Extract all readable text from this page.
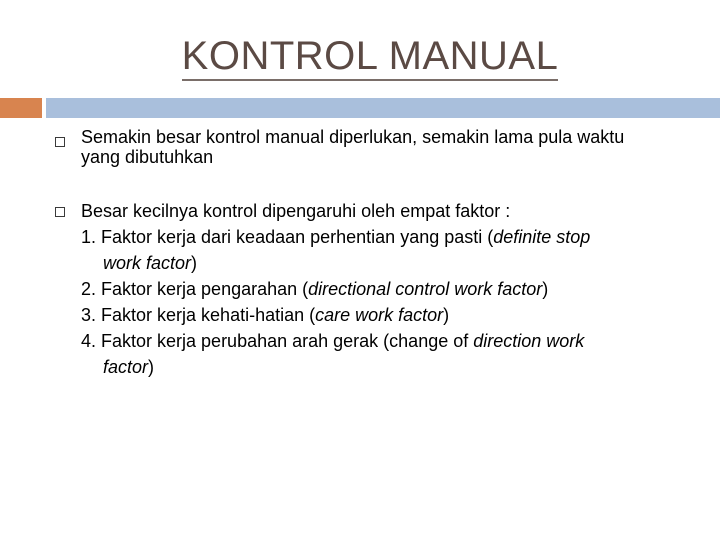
KONTROL MANUAL
Semakin besar kontrol manual diperlukan, semakin lama pula waktu
yang dibutuhkan
Besar kecilnya kontrol dipengaruhi oleh empat faktor :
1. Faktor kerja dari keadaan perhentian yang pasti (definite stop
work factor)
2. Faktor kerja pengarahan (directional control work factor)
3. Faktor kerja kehati-hatian (care work factor)
4. Faktor kerja perubahan arah gerak (change of direction work
factor)
